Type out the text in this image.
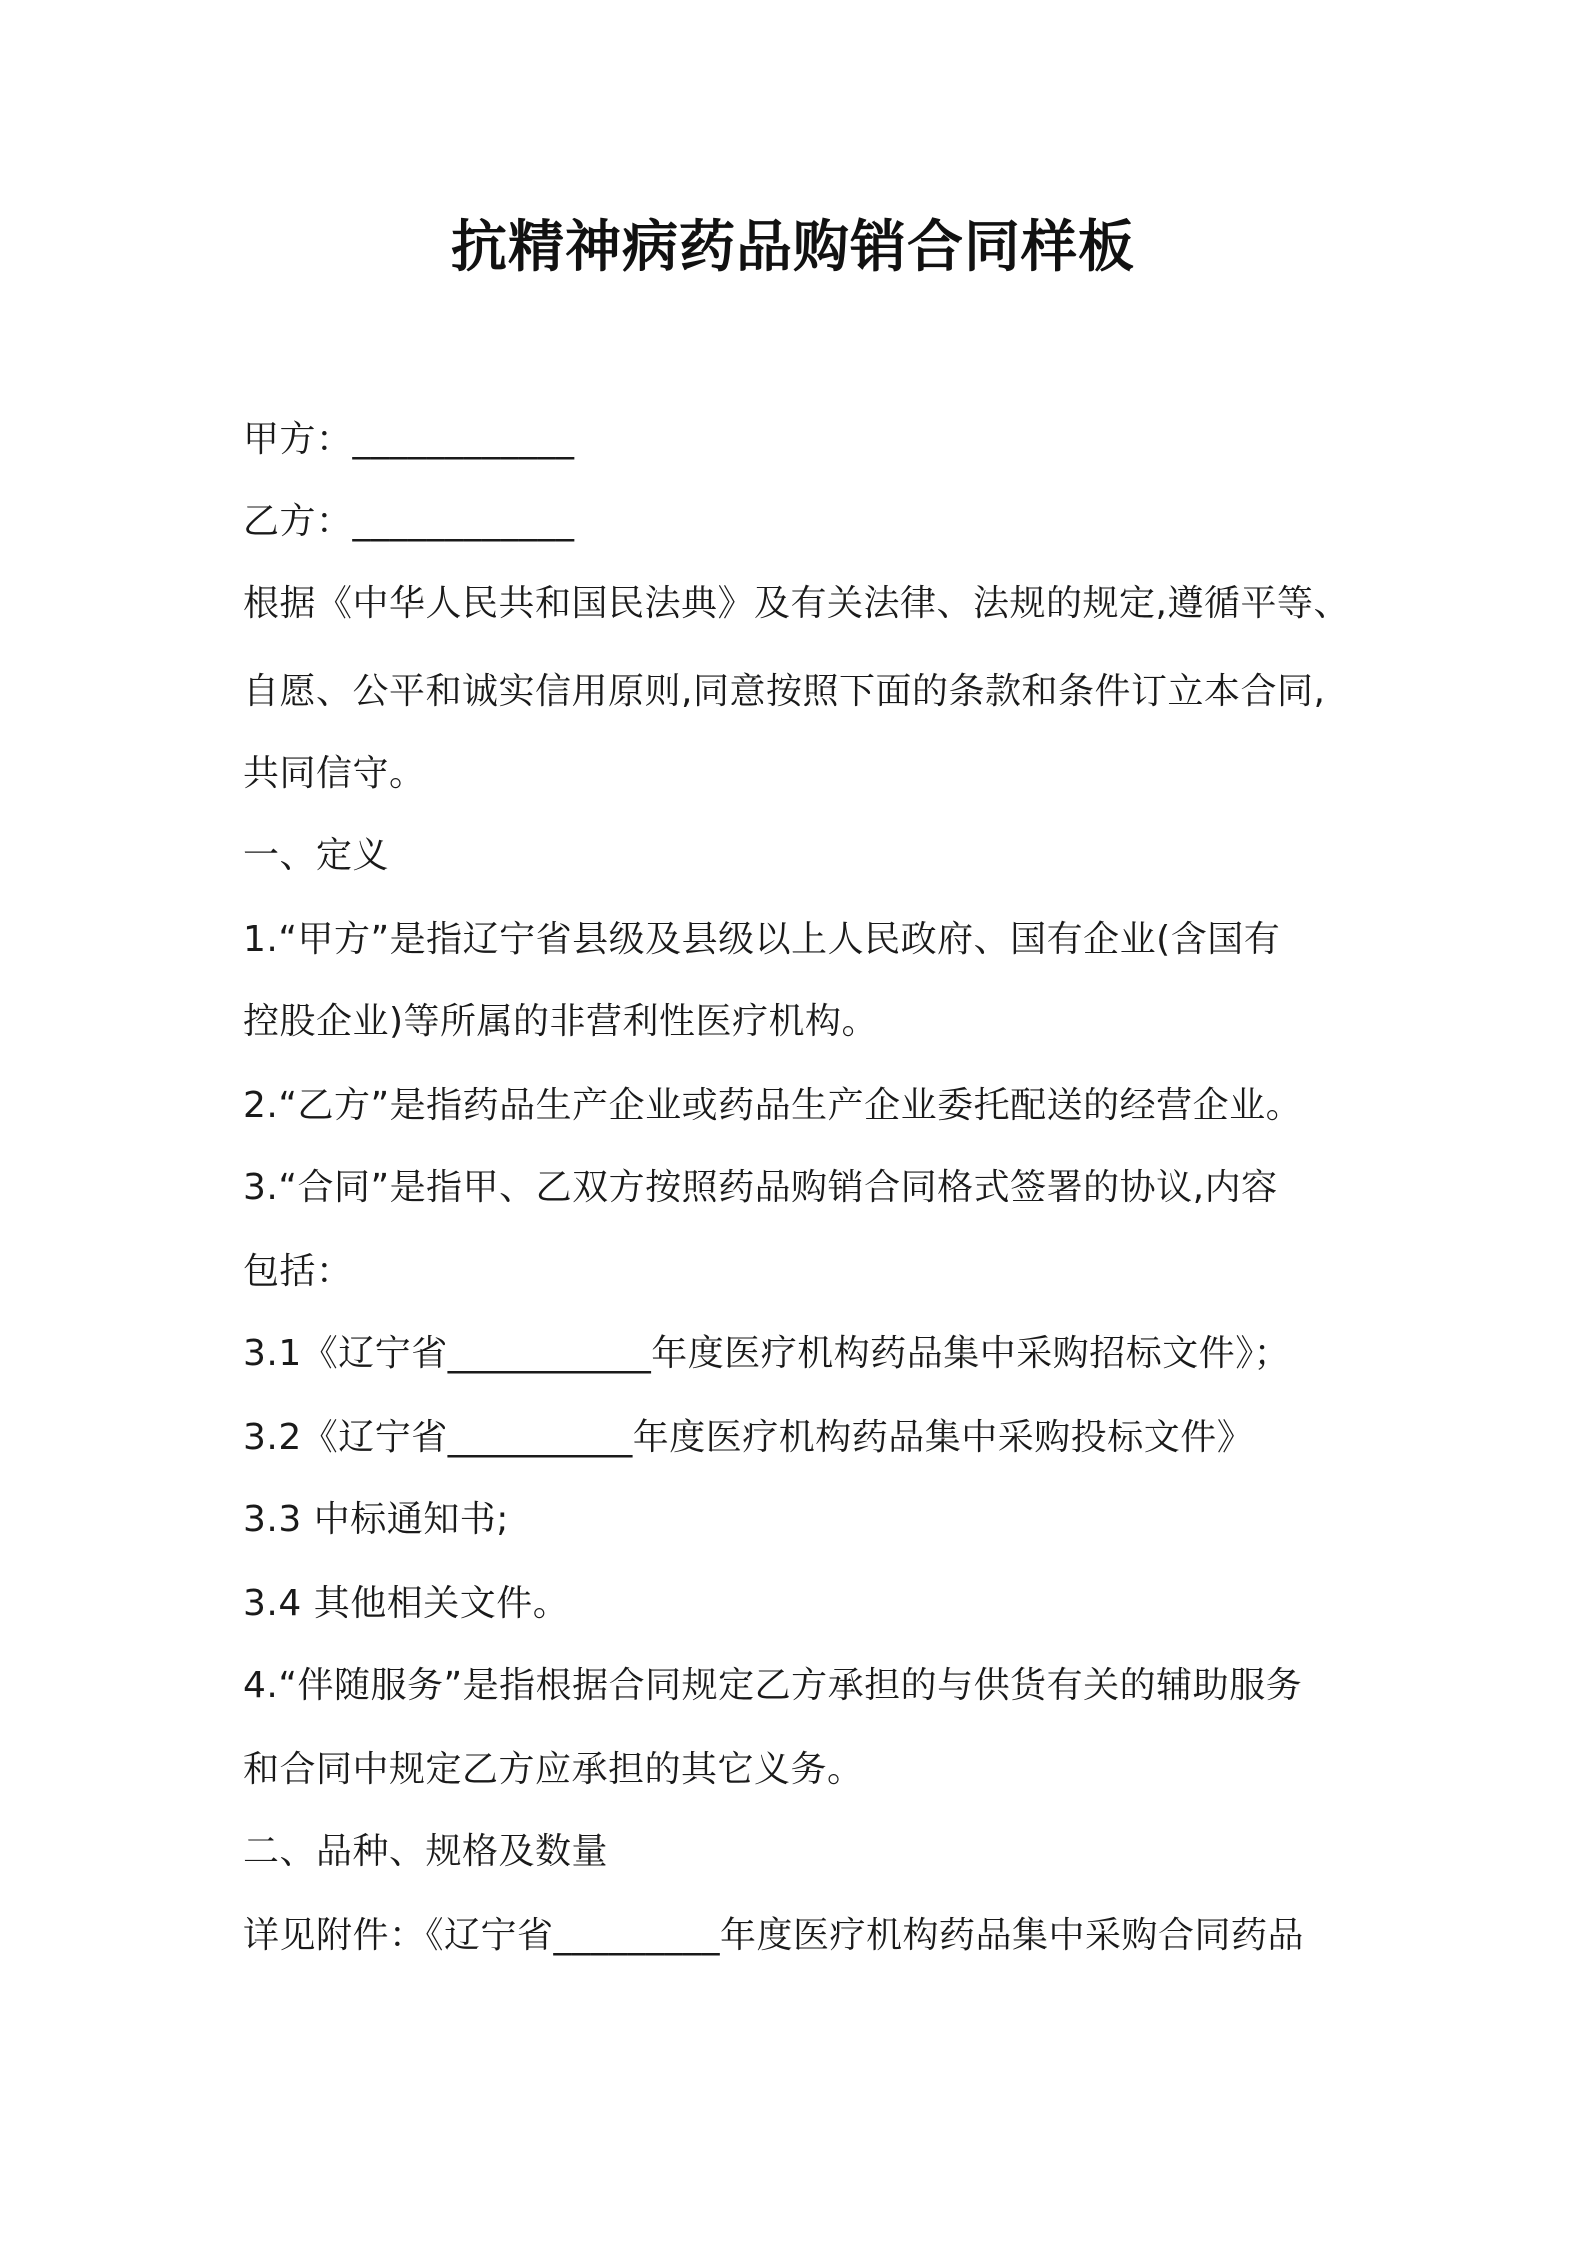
抗精神病药品购销合同样板
甲方：____________
乙方：____________
根据《中华人民共和国民法典》及有关法律、法规的规定,遵循平等、
自愿、公平和诚实信用原则,同意按照下面的条款和条件订立本合同,
共同信守。
一、定义
1.“甲方”是指辽宁省县级及县级以上人民政府、国有企业(含国有
控股企业)等所属的非营利性医疗机构。
2.“乙方”是指药品生产企业或药品生产企业委托配送的经营企业。
3.“合同”是指甲、乙双方按照药品购销合同格式签署的协议,内容
包括：
3.1《辽宁省___________年度医疗机构药品集中采购招标文件》；
3.2《辽宁省__________年度医疗机构药品集中采购投标文件》
3.3 中标通知书;
3.4 其他相关文件。
4.“伴随服务”是指根据合同规定乙方承担的与供货有关的辅助服务
和合同中规定乙方应承担的其它义务。
二、品种、规格及数量
详见附件：《辽宁省_________年度医疗机构药品集中采购合同药品
